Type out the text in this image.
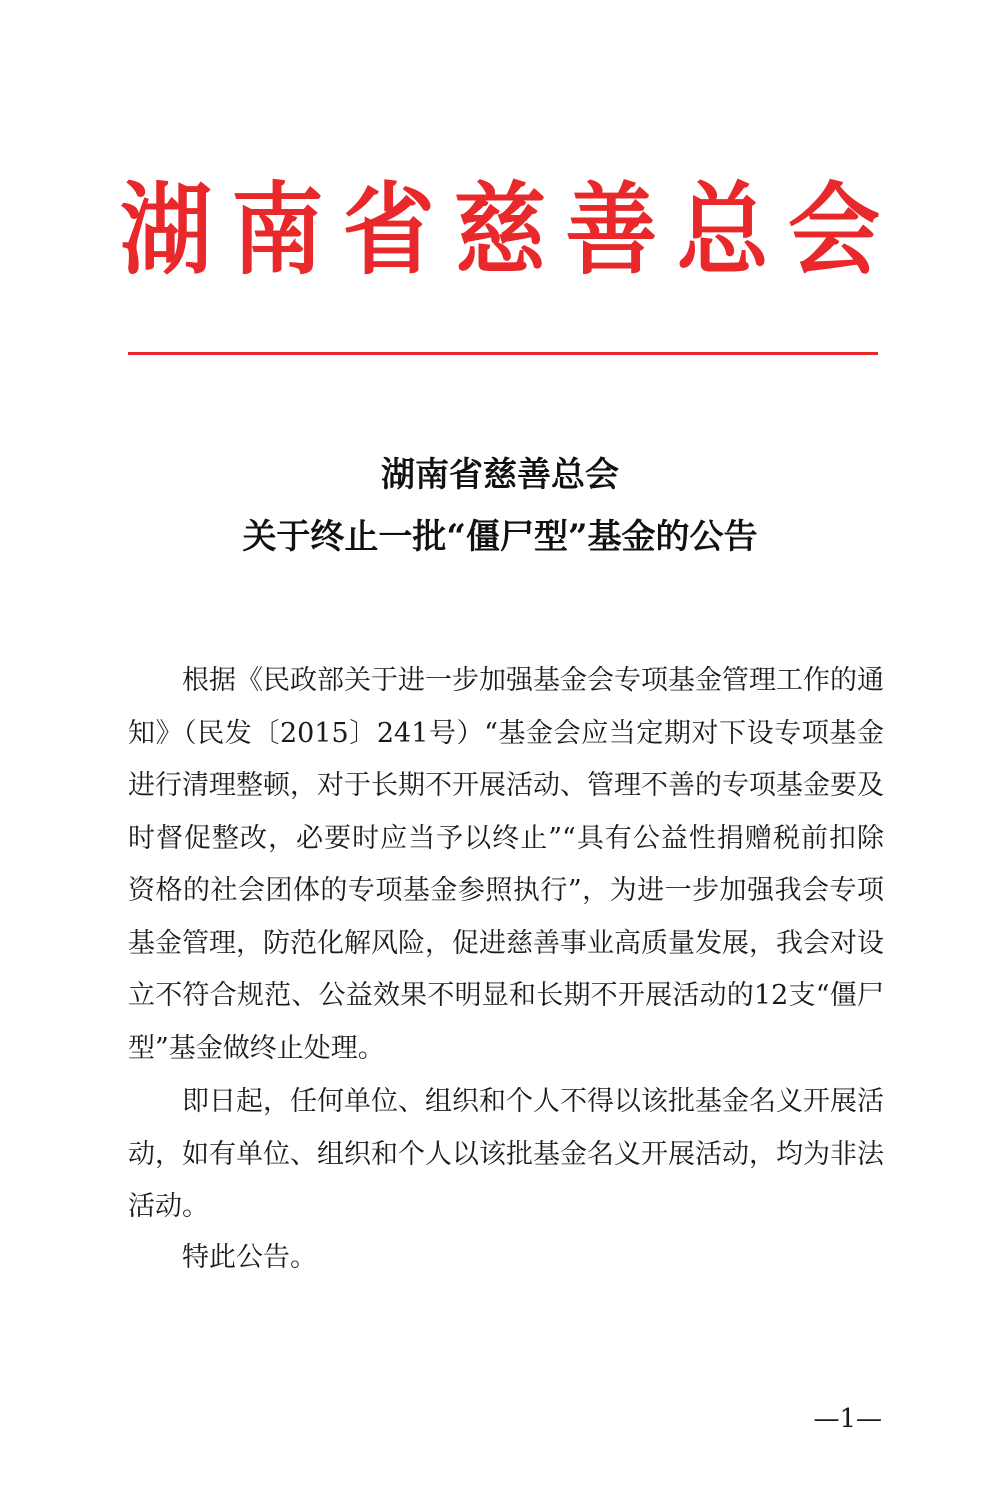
湖 南 省 慈 善 总 会
湖南省慈善总会
关于终止一批“僵尸型”基金的公告

根据《民政部关于进一步加强基金会专项基金管理工作的通知》（民发〔2015〕241号）“基金会应当定期对下设专项基金进行清理整顿，对于长期不开展活动、管理不善的专项基金要及时督促整改，必要时应当予以终止”“具有公益性捐赠税前扣除资格的社会团体的专项基金参照执行”，为进一步加强我会专项基金管理，防范化解风险，促进慈善事业高质量发展，我会对设立不符合规范、公益效果不明显和长期不开展活动的12支“僵尸型”基金做终止处理。

即日起，任何单位、组织和个人不得以该批基金名义开展活动，如有单位、组织和个人以该批基金名义开展活动，均为非法活动。

特此公告。

—1—
